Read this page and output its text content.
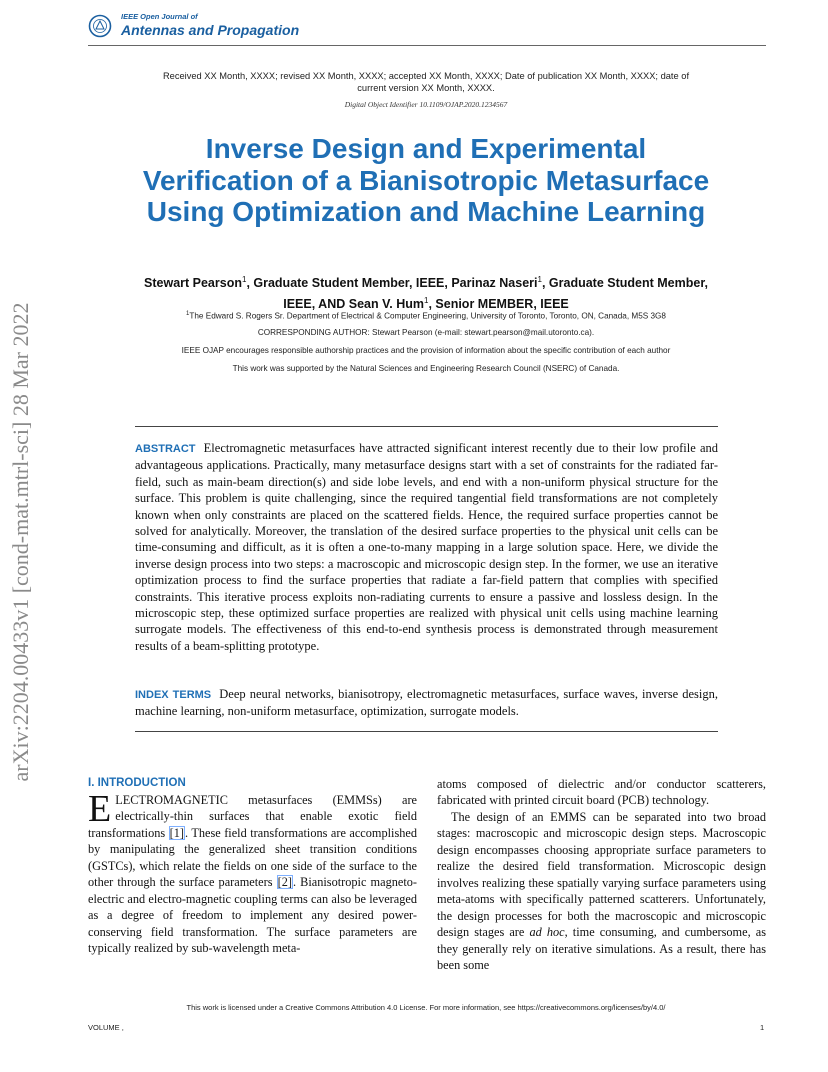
IEEE Open Journal of
Antennas and Propagation
Received XX Month, XXXX; revised XX Month, XXXX; accepted XX Month, XXXX; Date of publication XX Month, XXXX; date of current version XX Month, XXXX.
Digital Object Identifier 10.1109/OJAP.2020.1234567
Inverse Design and Experimental Verification of a Bianisotropic Metasurface Using Optimization and Machine Learning
Stewart Pearson$^1$, Graduate Student Member, IEEE, Parinaz Naseri$^1$, Graduate Student Member, IEEE, AND Sean V. Hum$^1$, Senior MEMBER, IEEE
$^1$The Edward S. Rogers Sr. Department of Electrical & Computer Engineering, University of Toronto, Toronto, ON, Canada, M5S 3G8
CORRESPONDING AUTHOR: Stewart Pearson (e-mail: stewart.pearson@mail.utoronto.ca).
IEEE OJAP encourages responsible authorship practices and the provision of information about the specific contribution of each author
This work was supported by the Natural Sciences and Engineering Research Council (NSERC) of Canada.
ABSTRACT Electromagnetic metasurfaces have attracted significant interest recently due to their low profile and advantageous applications. Practically, many metasurface designs start with a set of constraints for the radiated far-field, such as main-beam direction(s) and side lobe levels, and end with a non-uniform physical structure for the surface. This problem is quite challenging, since the required tangential field transformations are not completely known when only constraints are placed on the scattered fields. Hence, the required surface properties cannot be solved for analytically. Moreover, the translation of the desired surface properties to the physical unit cells can be time-consuming and difficult, as it is often a one-to-many mapping in a large solution space. Here, we divide the inverse design process into two steps: a macroscopic and microscopic design step. In the former, we use an iterative optimization process to find the surface properties that radiate a far-field pattern that complies with specified constraints. This iterative process exploits non-radiating currents to ensure a passive and lossless design. In the microscopic step, these optimized surface properties are realized with physical unit cells using machine learning surrogate models. The effectiveness of this end-to-end synthesis process is demonstrated through measurement results of a beam-splitting prototype.
INDEX TERMS Deep neural networks, bianisotropy, electromagnetic metasurfaces, surface waves, inverse design, machine learning, non-uniform metasurface, optimization, surrogate models.
arXiv:2204.00433v1 [cond-mat.mtrl-sci] 28 Mar 2022
I. INTRODUCTION

ELECTROMAGNETIC metasurfaces (EMMSs) are electrically-thin surfaces that enable exotic field transformations [1]. These field transformations are accomplished by manipulating the generalized sheet transition conditions (GSTCs), which relate the fields on one side of the surface to the other through the surface parameters [2]. Bianisotropic magneto-electric and electro-magnetic coupling terms can also be leveraged as a degree of freedom to implement any desired power-conserving field transformation. The surface parameters are typically realized by sub-wavelength meta-

atoms composed of dielectric and/or conductor scatterers, fabricated with printed circuit board (PCB) technology.

The design of an EMMS can be separated into two broad stages: macroscopic and microscopic design steps. Macroscopic design encompasses choosing appropriate surface parameters to realize the desired field transformation. Microscopic design involves realizing these spatially varying surface parameters using meta-atoms with specifically patterned scatterers. Unfortunately, the design processes for both the macroscopic and microscopic design stages are ad hoc, time consuming, and cumbersome, as they generally rely on iterative simulations. As a result, there has been some

This work is licensed under a Creative Commons Attribution 4.0 License. For more information, see https://creativecommons.org/licenses/by/4.0/
VOLUME ,	1
